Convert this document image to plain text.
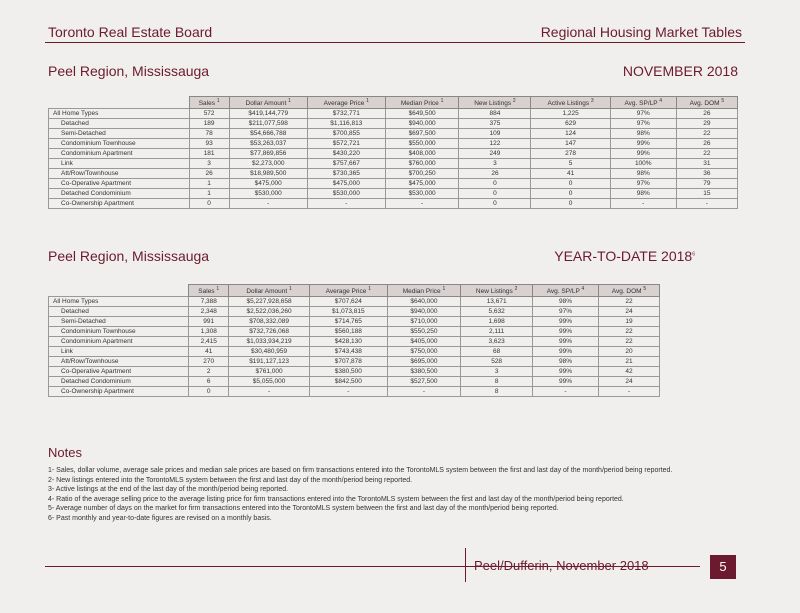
Toronto Real Estate Board	Regional Housing Market Tables
Peel Region, Mississauga	NOVEMBER 2018
	Sales $^1$	Dollar Amount $^1$	Average Price $^1$	Median Price $^1$	New Listings $^2$	Active Listings $^3$	Avg. SP/LP $^4$	Avg. DOM $^5$
All Home Types	572	$419,144,779	$732,771	$649,500	884	1,225	97%	26
Detached	189	$211,077,598	$1,116,813	$940,000	375	629	97%	29
Semi-Detached	78	$54,666,788	$700,855	$697,500	109	124	98%	22
Condominium Townhouse	93	$53,263,037	$572,721	$550,000	122	147	99%	26
Condominium Apartment	181	$77,869,856	$430,220	$408,000	249	278	99%	22
Link	3	$2,273,000	$757,667	$760,000	3	5	100%	31
Att/Row/Townhouse	26	$18,989,500	$730,365	$700,250	26	41	98%	36
Co-Operative Apartment	1	$475,000	$475,000	$475,000	0	0	97%	79
Detached Condominium	1	$530,000	$530,000	$530,000	0	0	98%	15
Co-Ownership Apartment	0	-	-	-	0	0	-	-
Peel Region, Mississauga	YEAR-TO-DATE 2018$^6$
	Sales $^1$	Dollar Amount $^1$	Average Price $^1$	Median Price $^1$	New Listings $^2$	Avg. SP/LP $^4$	Avg. DOM $^5$
All Home Types	7,388	$5,227,928,658	$707,624	$640,000	13,671	98%	22
Detached	2,348	$2,522,036,260	$1,073,815	$940,000	5,632	97%	24
Semi-Detached	991	$708,332,089	$714,765	$710,000	1,698	99%	19
Condominium Townhouse	1,308	$732,726,068	$560,188	$550,250	2,111	99%	22
Condominium Apartment	2,415	$1,033,934,219	$428,130	$405,000	3,623	99%	22
Link	41	$30,480,959	$743,438	$750,000	68	99%	20
Att/Row/Townhouse	270	$191,127,123	$707,878	$695,000	528	98%	21
Co-Operative Apartment	2	$761,000	$380,500	$380,500	3	99%	42
Detached Condominium	6	$5,055,000	$842,500	$527,500	8	99%	24
Co-Ownership Apartment	0	-	-	-	8	-	-
Notes
1- Sales, dollar volume, average sale prices and median sale prices are based on firm transactions entered into the TorontoMLS system between the first and last day of the month/period being reported.
2- New listings entered into the TorontoMLS system between the first and last day of the month/period being reported.
3- Active listings at the end of the last day of the month/period being reported.
4- Ratio of the average selling price to the average listing price for firm transactions entered into the TorontoMLS system between the first and last day of the month/period being reported.
5- Average number of days on the market for firm transactions entered into the TorontoMLS system between the first and last day of the month/period being reported.
6- Past monthly and year-to-date figures are revised on a monthly basis.
Peel/Dufferin, November 2018	5
